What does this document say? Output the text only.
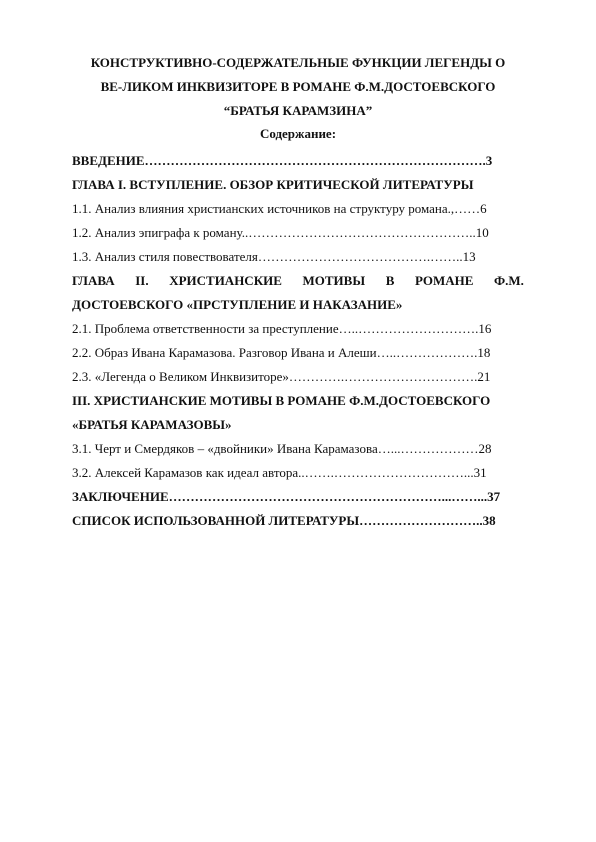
КОНСТРУКТИВНО-СОДЕРЖАТЕЛЬНЫЕ ФУНКЦИИ ЛЕГЕНДЫ О
ВЕ-ЛИКОМ ИНКВИЗИТОРЕ В РОМАНЕ Ф.М.ДОСТОЕВСКОГО
“БРАТЬЯ КАРАМЗИНА”
Содержание:
ВВЕДЕНИЕ…………………………………………………………………….3
ГЛАВА I. ВСТУПЛЕНИЕ. ОБЗОР КРИТИЧЕСКОЙ ЛИТЕРАТУРЫ
1.1. Анализ влияния христианских источников на структуру романа.,……6
1.2. Анализ эпиграфа к роману..……………………………………………..10
1.3. Анализ стиля повествователя………………………………….……..13
ГЛАВА II. ХРИСТИАНСКИЕ МОТИВЫ В РОМАНЕ Ф.М.
ДОСТОЕВСКОГО «ПРСТУПЛЕНИЕ И НАКАЗАНИЕ»
2.1. Проблема ответственности за преступление…..……………………….16
2.2. Образ Ивана Карамазова. Разговор Ивана и Алеши…..……………….18
2.3. «Легенда о Великом Инквизиторе»………….………………………….21
III. ХРИСТИАНСКИЕ МОТИВЫ В РОМАНЕ Ф.М.ДОСТОЕВСКОГО
«БРАТЬЯ КАРАМАЗОВЫ»
3.1. Черт и Смердяков – «двойники» Ивана Карамазова…...………………28
3.2. Алексей Карамазов как идеал автора..…….…………………………...31
ЗАКЛЮЧЕНИЕ………………………………………………………...……...37
СПИСОК ИСПОЛЬЗОВАННОЙ ЛИТЕРАТУРЫ………………………..38
